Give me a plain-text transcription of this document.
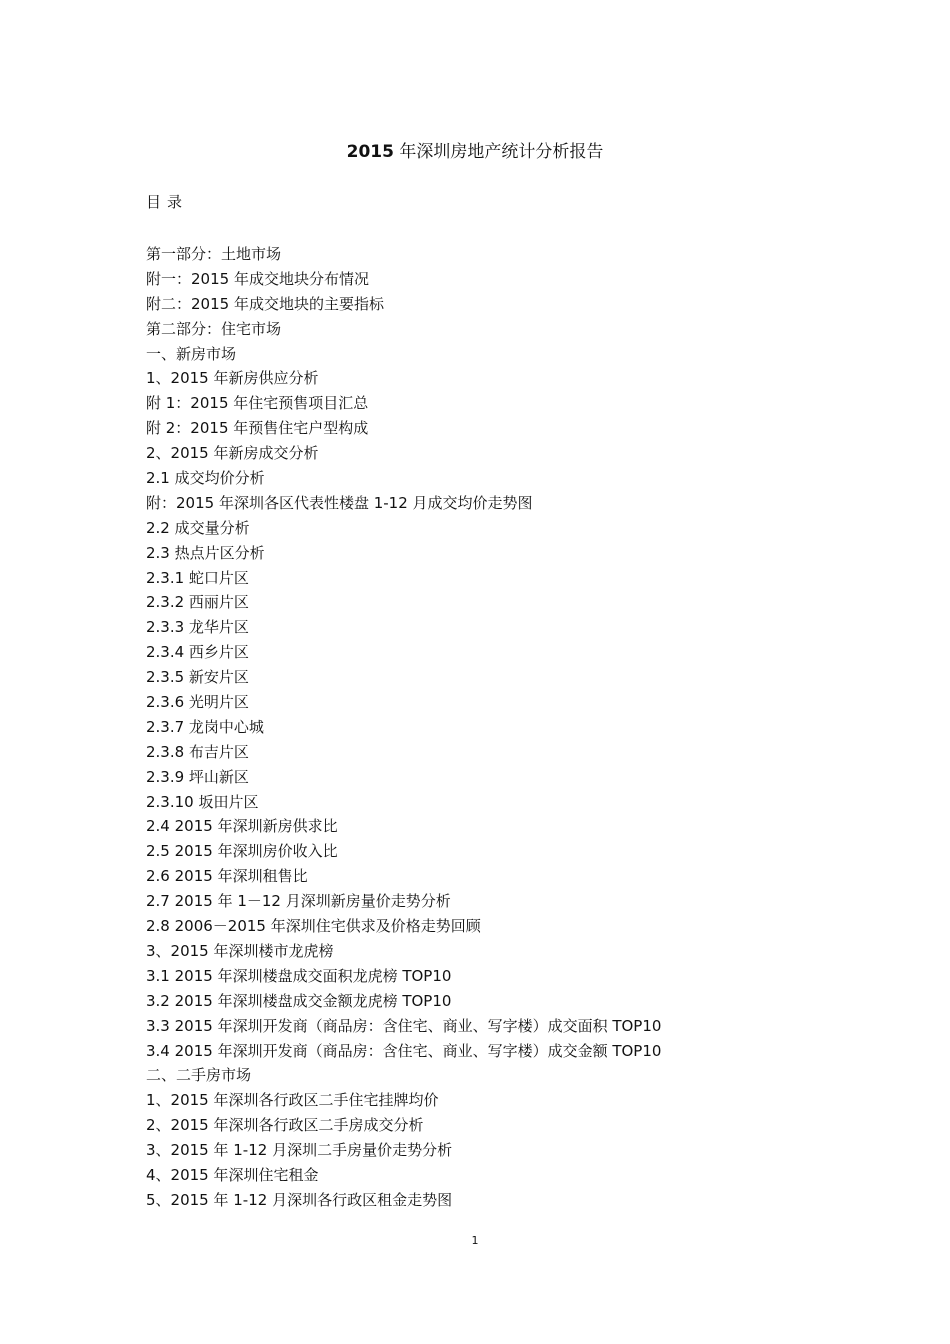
2015 年深圳房地产统计分析报告
目录
第一部分：土地市场
附一：2015 年成交地块分布情况
附二：2015 年成交地块的主要指标
第二部分：住宅市场
一、新房市场
1、2015 年新房供应分析
附 1：2015 年住宅预售项目汇总
附 2：2015 年预售住宅户型构成
2、2015 年新房成交分析
2.1 成交均价分析
附：2015 年深圳各区代表性楼盘 1-12 月成交均价走势图
2.2 成交量分析
2.3 热点片区分析
2.3.1 蛇口片区
2.3.2 西丽片区
2.3.3 龙华片区
2.3.4 西乡片区
2.3.5 新安片区
2.3.6 光明片区
2.3.7 龙岗中心城
2.3.8 布吉片区
2.3.9 坪山新区
2.3.10 坂田片区
2.4 2015 年深圳新房供求比
2.5 2015 年深圳房价收入比
2.6 2015 年深圳租售比
2.7 2015 年 1－12 月深圳新房量价走势分析
2.8 2006－2015 年深圳住宅供求及价格走势回顾
3、2015 年深圳楼市龙虎榜
3.1 2015 年深圳楼盘成交面积龙虎榜 TOP10
3.2 2015 年深圳楼盘成交金额龙虎榜 TOP10
3.3 2015 年深圳开发商（商品房：含住宅、商业、写字楼）成交面积 TOP10
3.4 2015 年深圳开发商（商品房：含住宅、商业、写字楼）成交金额 TOP10
二、二手房市场
1、2015 年深圳各行政区二手住宅挂牌均价
2、2015 年深圳各行政区二手房成交分析
3、2015 年 1-12 月深圳二手房量价走势分析
4、2015 年深圳住宅租金
5、2015 年 1-12 月深圳各行政区租金走势图
1
